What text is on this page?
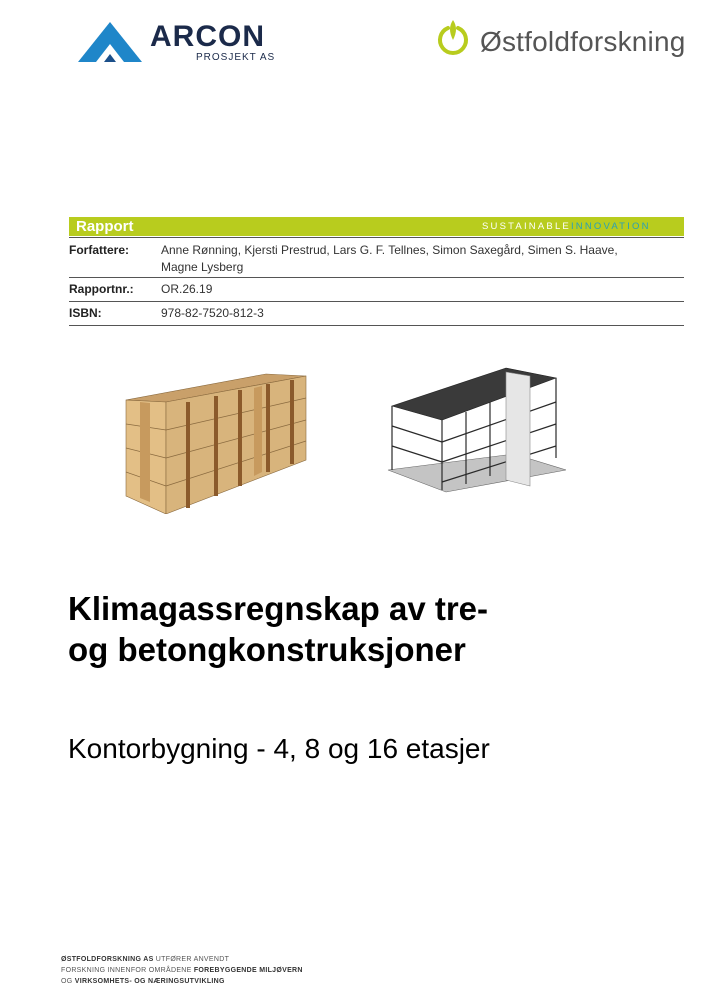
ARCON
PROSJEKT AS
Østfoldforskning
Rapport	SUSTAINABLEINNOVATION
Forfattere:	Anne Rønning, Kjersti Prestrud, Lars G. F. Tellnes, Simon Saxegård, Simen S. Haave,
Magne Lysberg
Rapportnr.: OR.26.19
ISBN:	978-82-7520-812-3
Klimagassregnskap av tre-
og betongkonstruksjoner
Kontorbygning - 4, 8 og 16 etasjer
ØSTFOLDFORSKNING AS UTFØRER ANVENDT
FORSKNING INNENFOR OMRÅDENE FOREBYGGENDE MILJØVERN
OG VIRKSOMHETS- OG NÆRINGSUTVIKLING
